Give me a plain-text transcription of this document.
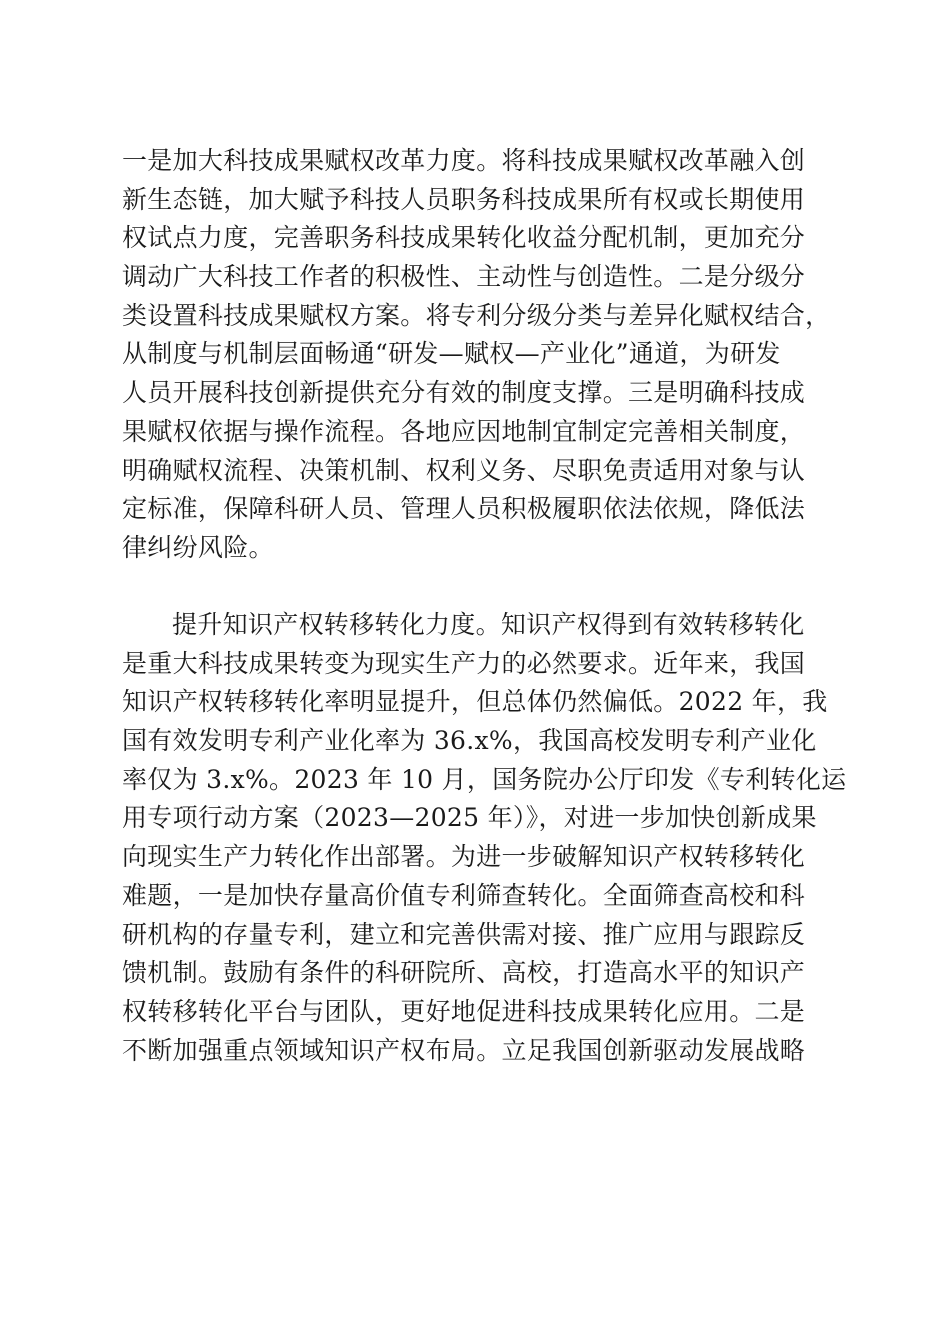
一是加大科技成果赋权改革力度。将科技成果赋权改革融入创
新生态链，加大赋予科技人员职务科技成果所有权或长期使用
权试点力度，完善职务科技成果转化收益分配机制，更加充分
调动广大科技工作者的积极性、主动性与创造性。二是分级分
类设置科技成果赋权方案。将专利分级分类与差异化赋权结合，
从制度与机制层面畅通“研发—赋权—产业化”通道，为研发
人员开展科技创新提供充分有效的制度支撑。三是明确科技成
果赋权依据与操作流程。各地应因地制宜制定完善相关制度，
明确赋权流程、决策机制、权利义务、尽职免责适用对象与认
定标准，保障科研人员、管理人员积极履职依法依规，降低法
律纠纷风险。
提升知识产权转移转化力度。知识产权得到有效转移转化
是重大科技成果转变为现实生产力的必然要求。近年来，我国
知识产权转移转化率明显提升，但总体仍然偏低。2022 年，我
国有效发明专利产业化率为 36.x%，我国高校发明专利产业化
率仅为 3.x%。2023 年 10 月，国务院办公厅印发《专利转化运
用专项行动方案（2023—2025 年）》，对进一步加快创新成果
向现实生产力转化作出部署。为进一步破解知识产权转移转化
难题，一是加快存量高价值专利筛查转化。全面筛查高校和科
研机构的存量专利，建立和完善供需对接、推广应用与跟踪反
馈机制。鼓励有条件的科研院所、高校，打造高水平的知识产
权转移转化平台与团队，更好地促进科技成果转化应用。二是
不断加强重点领域知识产权布局。立足我国创新驱动发展战略
